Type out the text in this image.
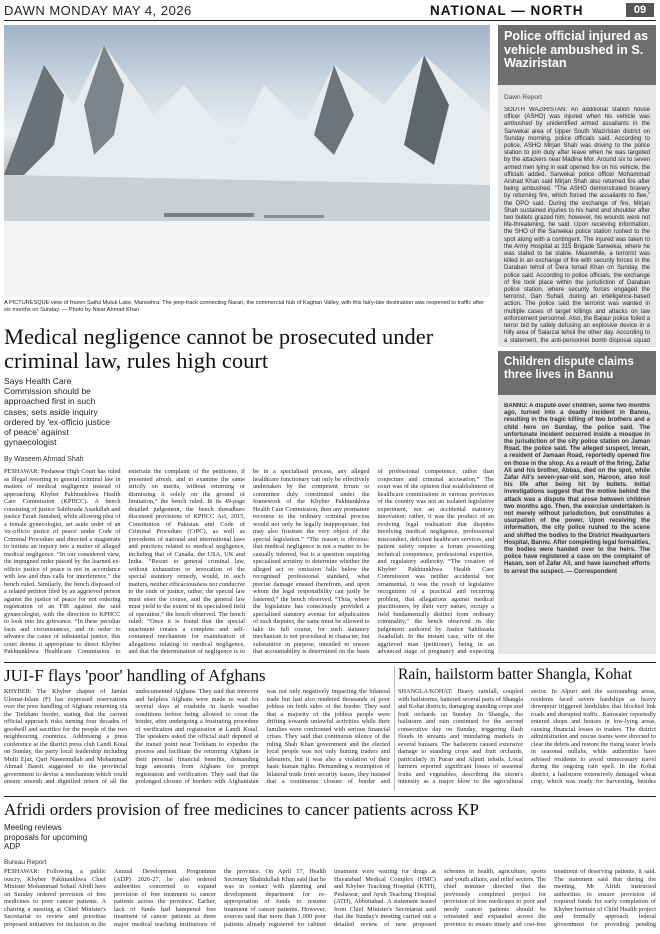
DAWN MONDAY MAY 4, 2026	NATIONAL — NORTH	09
A PICTURESQUE view of frozen Saiful Muluk Lake, Mansehra. The jeep-track connecting Naran, the commercial hub of Kaghan Valley, with this fairy-tale destination was reopened to traffic after six months on Sunday. — Photo by Nisar Ahmad Khan
Medical negligence cannot be prosecuted under criminal law, rules high court
Says Health Care Commission should be approached first in such cases; sets aside inquiry ordered by 'ex-officio justice of peace' against gynaecologist
By Waseem Ahmad Shah
PESHAWAR: Peshawar High Court has ruled as illegal resorting to general criminal law in matters of medical negligence instead of approaching Khyber Pakhtunkhwa Health Care Commission (KPHCC). A bench consisting of justice Sahibzada Asadullah and justice Farah Jamshed, while allowing plea of a female gynecologist, set aside order of an 'ex-officio justice of peace' under Code of Criminal Procedure and directed a magistrate to initiate an inquiry into a matter of alleged medical negligence. “In our considered view, the impugned order passed by the learned ex-officio justice of peace is not in accordance with law and thus calls for interference,” the bench ruled. Similarly, the bench disposed of a related petition filed by an aggrieved person against the justice of peace for not ordering registration of an FIR against the said gynaecologist, with the direction to KPHCC to look into his grievance. “In these peculiar facts and circumstances, and in order to advance the cause of substantial justice, this court deems it appropriate to direct Khyber Pakhtunkhwa Healthcare Commission to entertain the complaint of the petitioner, if presented afresh, and to examine the same strictly on merits, without returning or dismissing it solely on the ground of limitation,” the bench ruled. In its 49-page detailed judgement, the bench threadbare discussed provisions of KPHCC Act, 2015, Constitution of Pakistan and Code of Criminal Procedure (CrPC), as well as precedents of national and international laws and practices related to medical negligence, including that of Canada, the USA, UK and India. “Resort to general criminal law, without exhaustion or invocation of the special statutory remedy, would, in such matters, neither efficaciousness nor conducive to the ends of justice, rather, the special law must steer the course, and the general law must yield to the extent of its specialised field of operation,” the bench observed. The bench ruled: “Once it is found that the special enactment creates a complete and self-contained mechanism for examination of allegations relating to medical negligence, and that the determination of negligence is to be in a specialised process, any alleged healthcare functionary can only be effectively undertaken by the competent forum or committee duly constituted under the framework of the Khyber Pakhtunkhwa Health Care Commission, then any premature recourse to the ordinary criminal process would not only be legally inappropriate, but may also frustrate the very object of the special legislation.” “The reason is obvious: that medical negligence is not a matter to be casually inferred, but is a question requiring specialised scrutiny to determine whether the alleged act or omission falls below the recognised professional standard, what precise damage ensued therefrom, and upon whom the legal responsibility can justly be fastened,” the bench observed. “Thus, where the legislature has consciously provided a specialised statutory avenue for adjudication of such disputes, the same must be allowed to take its full course, for such statutory mechanism is not procedural in character, but substantive in purpose, intended to ensure that accountability is determined on the basis of professional competence, rather than conjecture and criminal accusation.” The court was of the opinion that establishment of healthcare commissions in various provinces of the country was not an isolated legislative experiment, nor an accidental statutory innovation; rather, it was the product of an evolving legal realisation that disputes involving medical negligence, professional misconduct, deficient healthcare services, and patient safety require a forum possessing technical competence, professional expertise, and regulatory authority. “The creation of Khyber Pakhtunkhwa Health Care Commission was neither accidental nor ornamental, it was the result of legislative recognition of a practical and recurring problem, that allegations against medical practitioners, by their very nature, occupy a field fundamentally distinct from ordinary criminality,” the bench observed in the judgement authored by Justice Sahibzada Asadullah. In the instant case, wife of the aggrieved man (petitioner), being in an advanced stage of pregnancy and expecting
Police official injured as vehicle ambushed in S. Waziristan
Dawn Report
SOUTH WAZIRISTAN: An additional station house officer (ASHO) was injured when his vehicle was ambushed by unidentified armed assailants in the Sarwekai area of Upper South Waziristan district on Sunday morning, police officials said. According to police, ASHO Mirjan Shah was driving to the police station to join duty after leave when he was targeted by the attackers near Madina Mor. Around six to seven armed men lying in wait opened fire on his vehicle, the officials added. Sarwekai police officer Mohammad Arshad Khan said Mirjan Shah also returned fire after being ambushed. “The ASHO demonstrated bravery by returning fire, which forced the assailants to flee,” the DPO said. During the exchange of fire, Mirjan Shah sustained injuries to his hand and shoulder after two bullets grazed him; however, his wounds were not life-threatening, he said. Upon receiving information, the SHO of the Sarwekai police station rushed to the spot along with a contingent. The injured was taken to the Army Hospital at 315 Brigade Sarwekai, where he was stated to be stable. Meanwhile, a terrorist was killed in an exchange of fire with security forces in the Daraban tehsil of Dera Ismail Khan on Sunday, the police said. According to police officials, the exchange of fire took place within the jurisdiction of Daraban police station, where security forces engaged the terrorist, Gan Suhail, during an intelligence-based action. The police said the terrorist was wanted in multiple cases of target killings and attacks on law enforcement personnel. Also, the Bajaur police foiled a terror bid by safely defusing an explosive device in a hilly area of Salarzai tehsil the other day. According to a statement, the anti-personnel bomb disposal squad
Children dispute claims three lives in Bannu
BANNU: A dispute over children, some two months ago, turned into a deadly incident in Bannu, resulting in the tragic killing of two brothers and a child here on Sunday, the police said. The unfortunate incident occurred inside a mosque in the jurisdiction of the city police station on Jaman Road, the police said. The alleged suspect, Imran, a resident of Jamaan Road, reportedly opened fire on those in the shop. As a result of the firing, Zafar Ali and his brother, Abbas, died on the spot, while Zafar Ali's seven-year-old son, Haroon, also lost his life after being hit by bullets. Initial investigations suggest that the motive behind the attack was a dispute that arose between children two months ago. Then, the exercise undertaken is not merely without jurisdiction, but constitutes a usurpation of the power. Upon receiving the information, the city police rushed to the scene and shifted the bodies to the District Headquarters Hospital, Bannu. After completing legal formalities, the bodies were handed over to the heirs. The police have registered a case on the complaint of Hasan, son of Zafar Ali, and have launched efforts to arrest the suspect. — Correspondent
JUI-F flays 'poor' handling of Afghans
KHYBER: The Khyber chapter of Jamiat Ulemai-Islam (F) has expressed reservations over the poor handling of Afghans returning via the Torkham border, stating that the current official approach risks turning four decades of goodwill and sacrifice for the people of the two neighbouring countries. Addressing a press conference at the district press club Landi Kotal on Sunday, the party local leadership including Mufti Ejaz, Qari Naseemullah and Mohammad Ahmad Bassit suggested to the provincial government to devise a mechanism which could ensure smooth and dignified return of all the undocumented Afghans. They said that innocent and helpless Afghans were made to wait for several days at roadside in harsh weather conditions before being allowed to cross the border, after undergoing a frustrating procedure of verification and registration at Landi Kotal. The speakers asked the official staff deputed at the transit point near Torkham to expedite the process and facilitate the returning Afghans in their personal financial benefits, demanding huge amounts from Afghans for prompt registration and verification. They said that the prolonged closure of borders with Afghanistan was not only negatively impacting the bilateral trade but had also rendered thousands of poor jobless on both sides of the border. They said that a majority of the jobless people were drifting towards unlawful activities while their families were confronted with serious financial crises. They said that continuous silence of the ruling Shah Khan government and the elected local people was not only hurting traders and labourers, but it was also a violation of their basic human rights. Demanding a resumption of bilateral trade from security issues, they insisted that a continuous closure of border and
Rain, hailstorm batter Shangla, Kohat
SHANGLA/KOHAT: Heavy rainfall, coupled with hailstorms, battered several parts of Shangla and Kohat districts, damaging standing crops and fruit orchards on Sunday. In Shangla, the hailstorm and rain continued for the second consecutive day on Sunday, triggering flash floods in streams and inundating markets in several bazaars. The hailstorm caused extensive damage to standing crops and fruit orchards, particularly in Puran and Alpuri tehsils. Local farmers reported significant losses of seasonal fruits and vegetables, describing the storm's intensity as a major blow to the agricultural sector. In Alpuri and the surrounding areas, residents faced severe hardships as heavy downpour triggered landslides that blocked link roads and disrupted traffic. Rainwater reportedly entered shops and houses in low-lying areas, causing financial losses to traders. The district administration and rescue teams were directed to clear the debris and restore the rising water levels in seasonal nullahs, while authorities have advised residents to avoid unnecessary travel during the ongoing rain spell. In the Kohat district, a hailstorm extensively damaged wheat crop, which was ready for harvesting, besides
Afridi orders provision of free medicines to cancer patients across KP
Meeting reviews proposals for upcoming ADP
Bureau Report
PESHAWAR: Following a public outcry, Khyber Pakhtunkhwa Chief Minister Mohammad Sohail Afridi here on Sunday ordered provision of free medicines to poor cancer patients. A chairing a meeting at Chief Minister's Secretariat to review and prioritise proposed initiatives for inclusion in the Annual Development Programme (ADP) 2026-27, he also ordered authorities concerned to expand provision of free treatment to cancer patients across the province. Earlier, lack of funds had hampered free treatment of cancer patients at three major medical teaching institutions of the province. On April 17, Health Secretary Shahidullah Khan said that he was in contact with planning and development department for re-appropriation of funds to resume treatment of cancer patients. However, sources said that more than 1,000 poor patients already registered for cabinet treatment were waiting for drugs at Hayatabad Medical Complex (HMC) and Khyber Teaching Hospital (KTH), Peshawar, and Ayub Teaching Hospital (ATH), Abbottabad. A statement issued from Chief Minister's Secretariat said that the Sunday's meeting carried out a detailed review of new proposed schemes in health, agriculture, sports and youth affairs, and relief sectors. The chief minister directed that the previously completed project for provision of free medicines to poor and needy cancer patients should be reinstated and expanded across the province to ensure timely and cost-free treatment of deserving patients, it said. The statement said that during the meeting, Mr Afridi instructed authorities to ensure provision of required funds for early completion of Khyber Institute of Child Health project and formally approach federal government for providing pending
